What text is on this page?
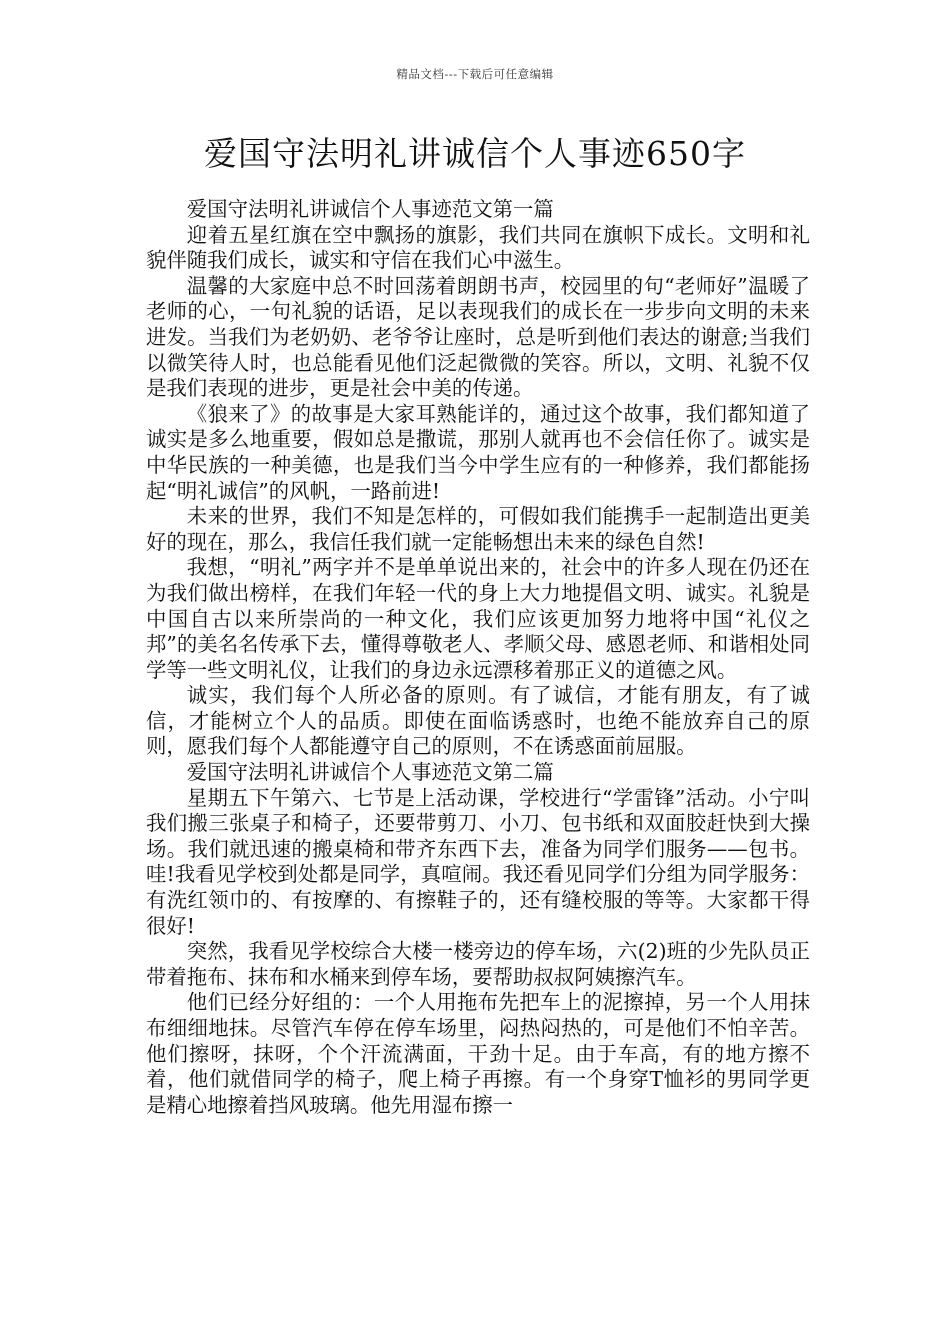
精品文档---下载后可任意编辑
爱国守法明礼讲诚信个人事迹650字

爱国守法明礼讲诚信个人事迹范文第一篇

迎着五星红旗在空中飘扬的旗影，我们共同在旗帜下成长。文明和礼貌伴随我们成长，诚实和守信在我们心中滋生。

温馨的大家庭中总不时回荡着朗朗书声，校园里的句“老师好”温暖了老师的心，一句礼貌的话语，足以表现我们的成长在一步步向文明的未来进发。当我们为老奶奶、老爷爷让座时，总是听到他们表达的谢意;当我们以微笑待人时，也总能看见他们泛起微微的笑容。所以，文明、礼貌不仅是我们表现的进步，更是社会中美的传递。

《狼来了》的故事是大家耳熟能详的，通过这个故事，我们都知道了诚实是多么地重要，假如总是撒谎，那别人就再也不会信任你了。诚实是中华民族的一种美德，也是我们当今中学生应有的一种修养，我们都能扬起“明礼诚信”的风帆，一路前进!

未来的世界，我们不知是怎样的，可假如我们能携手一起制造出更美好的现在，那么，我信任我们就一定能畅想出未来的绿色自然!

我想，“明礼”两字并不是单单说出来的，社会中的许多人现在仍还在为我们做出榜样，在我们年轻一代的身上大力地提倡文明、诚实。礼貌是中国自古以来所崇尚的一种文化，我们应该更加努力地将中国“礼仪之邦”的美名名传承下去，懂得尊敬老人、孝顺父母、感恩老师、和谐相处同学等一些文明礼仪，让我们的身边永远漂移着那正义的道德之风。

诚实，我们每个人所必备的原则。有了诚信，才能有朋友，有了诚信，才能树立个人的品质。即使在面临诱惑时，也绝不能放弃自己的原则，愿我们每个人都能遵守自己的原则，不在诱惑面前屈服。

爱国守法明礼讲诚信个人事迹范文第二篇

星期五下午第六、七节是上活动课，学校进行“学雷锋”活动。小宁叫我们搬三张桌子和椅子，还要带剪刀、小刀、包书纸和双面胶赶快到大操场。我们就迅速的搬桌椅和带齐东西下去，准备为同学们服务——包书。哇!我看见学校到处都是同学，真喧闹。我还看见同学们分组为同学服务：有洗红领巾的、有按摩的、有擦鞋子的，还有缝校服的等等。大家都干得很好!

突然，我看见学校综合大楼一楼旁边的停车场，六(2)班的少先队员正带着拖布、抹布和水桶来到停车场，要帮助叔叔阿姨擦汽车。

他们已经分好组的：一个人用拖布先把车上的泥擦掉，另一个人用抹布细细地抹。尽管汽车停在停车场里，闷热闷热的，可是他们不怕辛苦。他们擦呀，抹呀，个个汗流满面，干劲十足。由于车高，有的地方擦不着，他们就借同学的椅子，爬上椅子再擦。有一个身穿T恤衫的男同学更是精心地擦着挡风玻璃。他先用湿布擦一
